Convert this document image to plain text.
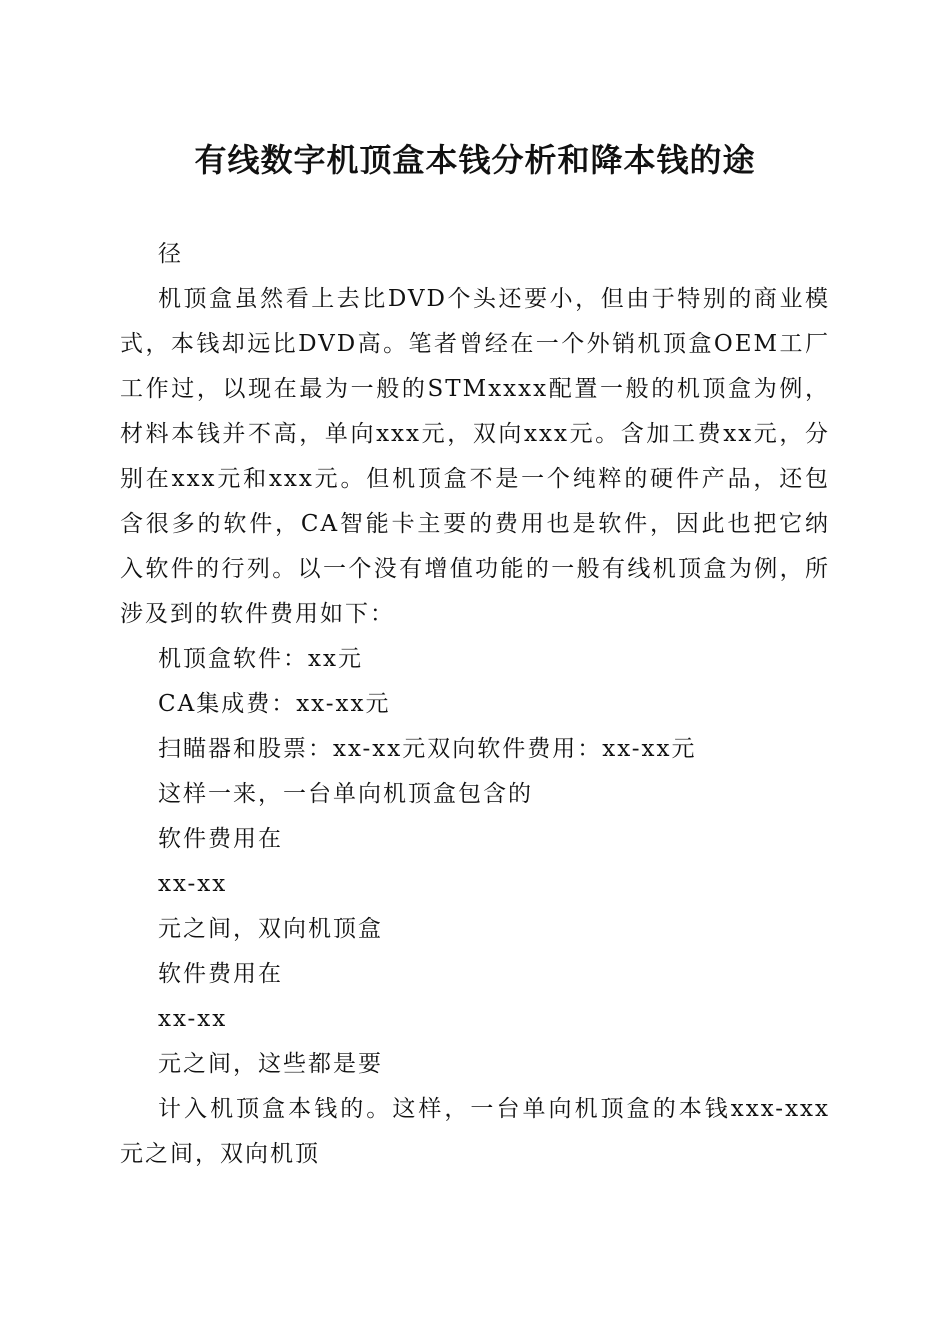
有线数字机顶盒本钱分析和降本钱的途

径

机顶盒虽然看上去比DVD个头还要小，但由于特别的商业模式，本钱却远比DVD高。笔者曾经在一个外销机顶盒OEM工厂工作过，以现在最为一般的STMxxxx配置一般的机顶盒为例，材料本钱并不高，单向xxx元，双向xxx元。含加工费xx元，分别在xxx元和xxx元。但机顶盒不是一个纯粹的硬件产品，还包含很多的软件，CA智能卡主要的费用也是软件，因此也把它纳入软件的行列。以一个没有增值功能的一般有线机顶盒为例，所涉及到的软件费用如下：

机顶盒软件：xx元

CA集成费：xx-xx元

扫瞄器和股票：xx-xx元双向软件费用：xx-xx元

这样一来，一台单向机顶盒包含的

软件费用在

xx-xx

元之间，双向机顶盒

软件费用在

xx-xx

元之间，这些都是要

计入机顶盒本钱的。这样，一台单向机顶盒的本钱xxx-xxx元之间，双向机顶
